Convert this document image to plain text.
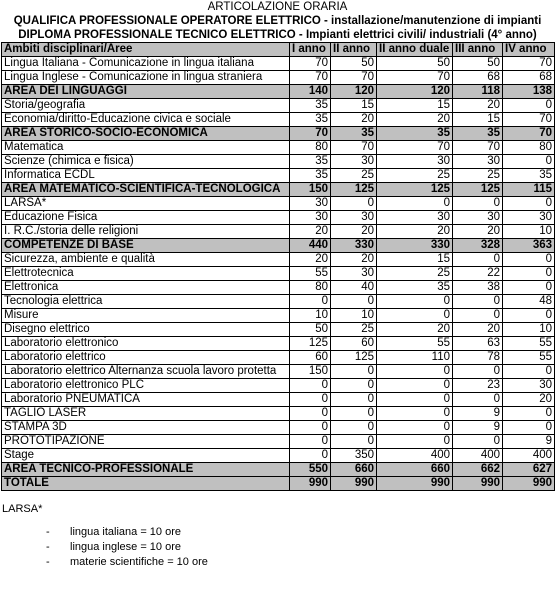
ARTICOLAZIONE ORARIA
QUALIFICA PROFESSIONALE OPERATORE ELETTRICO - installazione/manutenzione di impianti
DIPLOMA PROFESSIONALE TECNICO ELETTRICO - Impianti elettrici civili/ industriali (4° anno)
Ambiti disciplinari/Aree	I anno	II anno	II anno duale	III anno	IV anno
Lingua Italiana - Comunicazione in lingua italiana	70	50	50	50	70
Lingua Inglese - Comunicazione in lingua straniera	70	70	70	68	68
AREA DEI LINGUAGGI	140	120	120	118	138
Storia/geografia	35	15	15	20	0
Economia/diritto-Educazione civica e sociale	35	20	20	15	70
AREA STORICO-SOCIO-ECONOMICA	70	35	35	35	70
Matematica	80	70	70	70	80
Scienze (chimica e fisica)	35	30	30	30	0
Informatica ECDL	35	25	25	25	35
AREA MATEMATICO-SCIENTIFICA-TECNOLOGICA	150	125	125	125	115
LARSA*	30	0	0	0	0
Educazione Fisica	30	30	30	30	30
I. R.C./storia delle religioni	20	20	20	20	10
COMPETENZE DI BASE	440	330	330	328	363
Sicurezza, ambiente e qualità	20	20	15	0	0
Elettrotecnica	55	30	25	22	0
Elettronica	80	40	35	38	0
Tecnologia elettrica	0	0	0	0	48
Misure	10	10	0	0	0
Disegno elettrico	50	25	20	20	10
Laboratorio elettronico	125	60	55	63	55
Laboratorio elettrico	60	125	110	78	55
Laboratorio elettrico Alternanza scuola lavoro protetta	150	0	0	0	0
Laboratorio elettronico PLC	0	0	0	23	30
Laboratorio PNEUMATICA	0	0	0	0	20
TAGLIO LASER	0	0	0	9	0
STAMPA 3D	0	0	0	9	0
PROTOTIPAZIONE	0	0	0	0	9
Stage	0	350	400	400	400
AREA TECNICO-PROFESSIONALE	550	660	660	662	627
TOTALE	990	990	990	990	990
LARSA*
- lingua italiana = 10 ore
- lingua inglese = 10 ore
- materie scientifiche = 10 ore
